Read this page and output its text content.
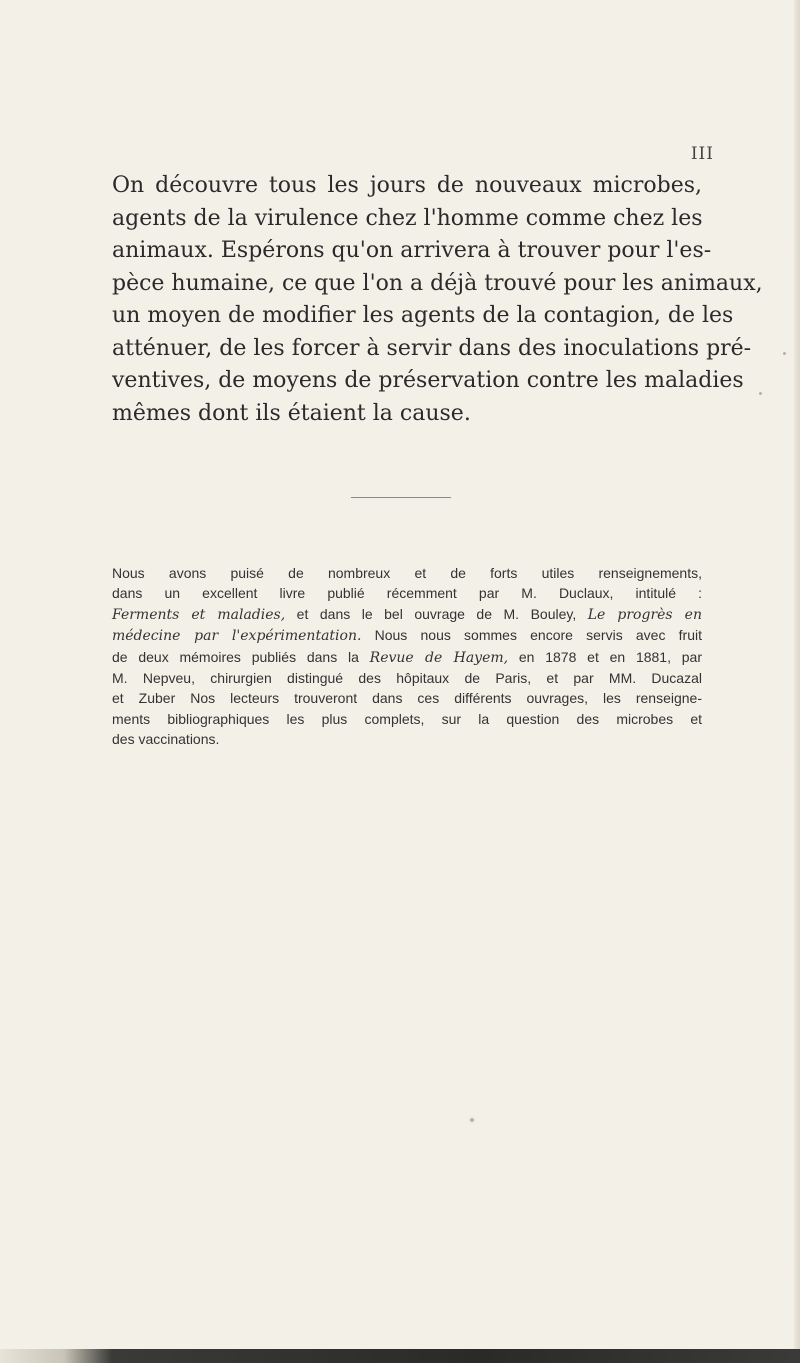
III
On découvre tous les jours de nouveaux microbes,
agents de la virulence chez l'homme comme chez les
animaux. Espérons qu'on arrivera à trouver pour l'es-
pèce humaine, ce que l'on a déjà trouvé pour les animaux,
un moyen de modifier les agents de la contagion, de les
atténuer, de les forcer à servir dans des inoculations pré-
ventives, de moyens de préservation contre les maladies
mêmes dont ils étaient la cause.
Nous avons puisé de nombreux et de forts utiles renseignements,
dans un excellent livre publié récemment par M. Duclaux, intitulé :
Ferments et maladies, et dans le bel ouvrage de M. Bouley, Le progrès en
médecine par l'expérimentation. Nous nous sommes encore servis avec fruit
de deux mémoires publiés dans la Revue de Hayem, en 1878 et en 1881, par
M. Nepveu, chirurgien distingué des hôpitaux de Paris, et par MM. Ducazal
et Zuber Nos lecteurs trouveront dans ces différents ouvrages, les renseigne-
ments bibliographiques les plus complets, sur la question des microbes et
des vaccinations.
